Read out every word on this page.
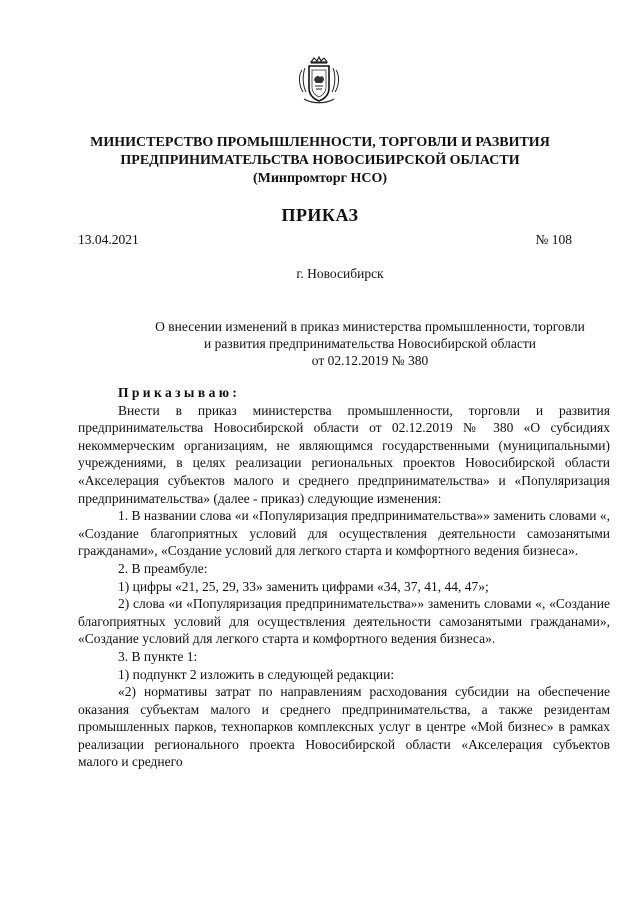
МИНИСТЕРСТВО ПРОМЫШЛЕННОСТИ, ТОРГОВЛИ И РАЗВИТИЯ
ПРЕДПРИНИМАТЕЛЬСТВА НОВОСИБИРСКОЙ ОБЛАСТИ
(Минпромторг НСО)
ПРИКАЗ
13.04.2021	№ 108
г. Новосибирск
О внесении изменений в приказ министерства промышленности, торговли
и развития предпринимательства Новосибирской области
от 02.12.2019 № 380

Приказываю:

Внести в приказ министерства промышленности, торговли и развития предпринимательства Новосибирской области от 02.12.2019 № 380 «О субсидиях некоммерческим организациям, не являющимся государственными (муниципальными) учреждениями, в целях реализации региональных проектов Новосибирской области «Акселерация субъектов малого и среднего предпринимательства» и «Популяризация предпринимательства» (далее - приказ) следующие изменения:

1. В названии слова «и «Популяризация предпринимательства»» заменить словами «, «Создание благоприятных условий для осуществления деятельности самозанятыми гражданами», «Создание условий для легкого старта и комфортного ведения бизнеса».

2. В преамбуле:

1) цифры «21, 25, 29, 33» заменить цифрами «34, 37, 41, 44, 47»;

2) слова «и «Популяризация предпринимательства»» заменить словами «, «Создание благоприятных условий для осуществления деятельности самозанятыми гражданами», «Создание условий для легкого старта и комфортного ведения бизнеса».

3. В пункте 1:

1) подпункт 2 изложить в следующей редакции:

«2) нормативы затрат по направлениям расходования субсидии на обеспечение оказания субъектам малого и среднего предпринимательства, а также резидентам промышленных парков, технопарков комплексных услуг в центре «Мой бизнес» в рамках реализации регионального проекта Новосибирской области «Акселерация субъектов малого и среднего
